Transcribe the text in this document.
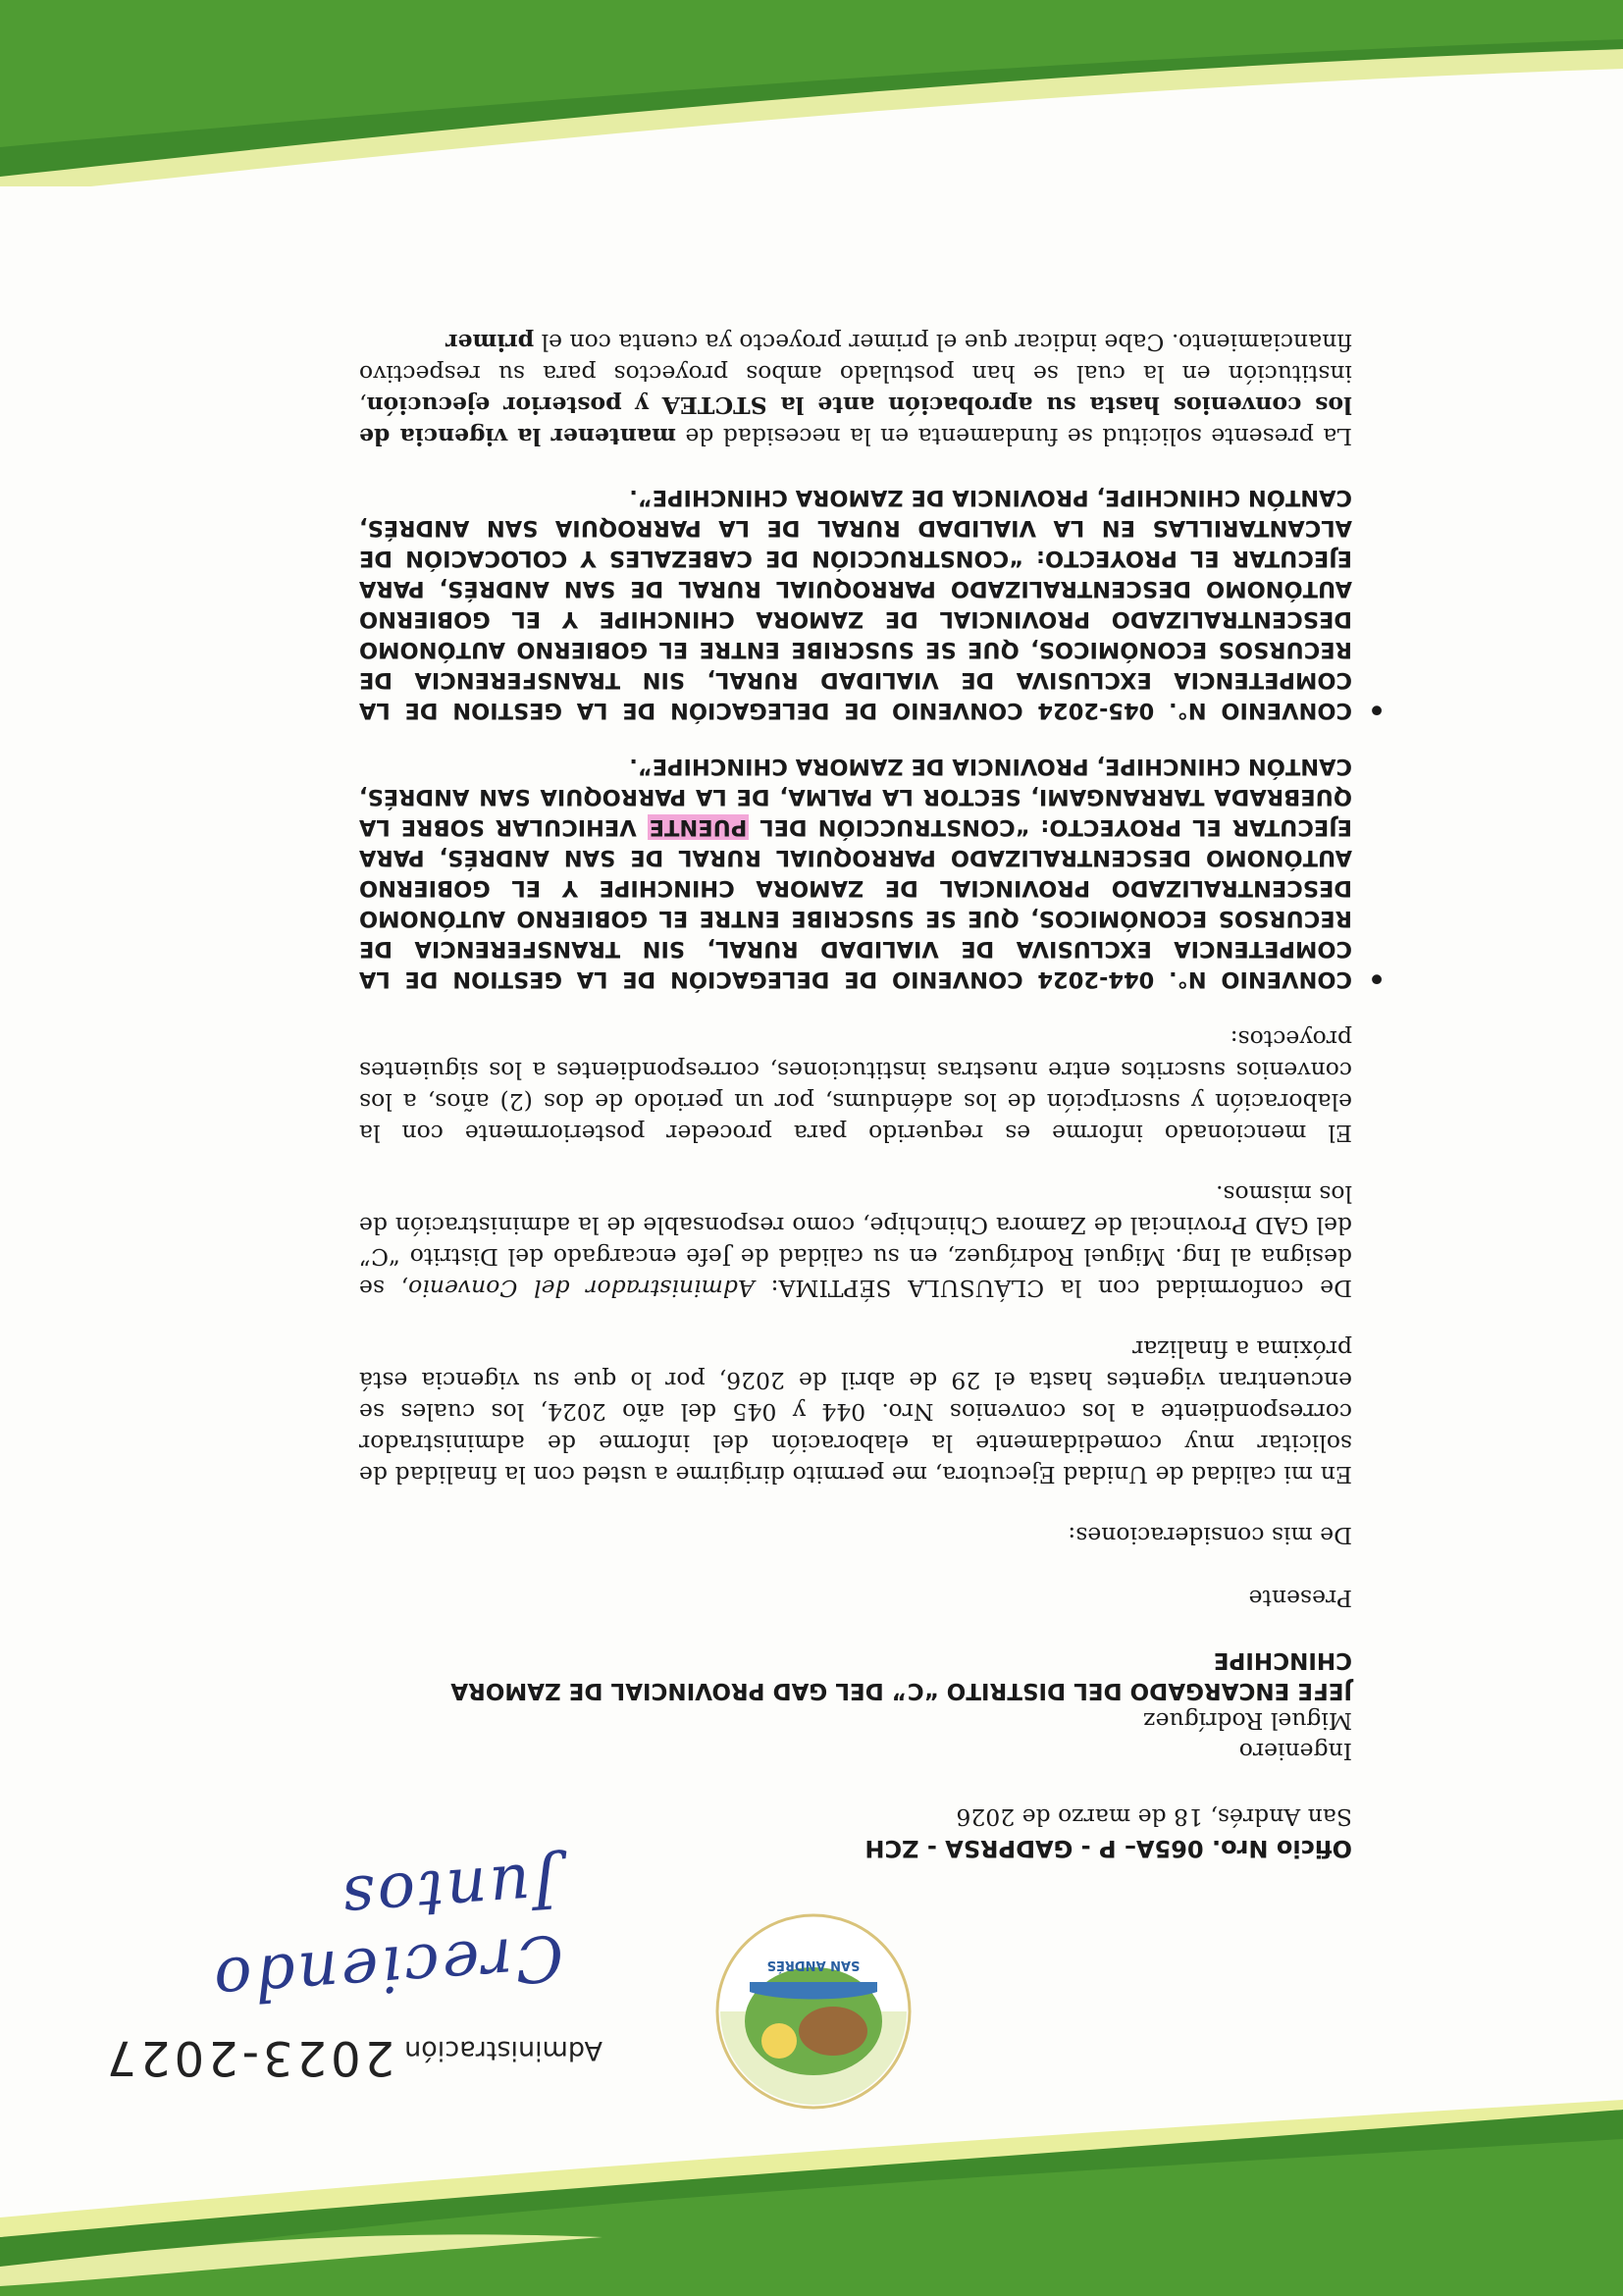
SAN ANDRÉS
Administración2023-2027
Creciendo Juntos	Oficio Nro. 065A– P - GADPRSA - ZCH
San Andrés, 18 de marzo de 2026
Ingeniero
Miguel Rodríguez
JEFE ENCARGADO DEL DISTRITO “C” DEL GAD PROVINCIAL DE ZAMORA CHINCHIPE
Presente

De mis consideraciones:

En mi calidad de Unidad Ejecutora, me permito dirigirme a usted con la finalidad de solicitar muy comedidamente la elaboración del informe de administrador correspondiente a los convenios Nro. 044 y 045 del año 2024, los cuales se encuentran vigentes hasta el 29 de abril de 2026, por lo que su vigencia está próxima a finalizar

De conformidad con la CLÁUSULA SÉPTIMA: Administrador del Convenio, se designa al Ing. Miguel Rodríguez, en su calidad de Jefe encargado del Distrito “C” del GAD Provincial de Zamora Chinchipe, como responsable de la administración de los mismos.

El mencionado informe es requerido para proceder posteriormente con la elaboración y suscripción de los adéndums, por un periodo de dos (2) años, a los convenios suscritos entre nuestras instituciones, correspondientes a los siguientes proyectos:

• CONVENIO N°. 044-2024 CONVENIO DE DELEGACIÓN DE LA GESTION DE LA COMPETENCIA EXCLUSIVA DE VIALIDAD RURAL, SIN TRANSFERENCIA DE RECURSOS ECONÓMICOS, QUE SE SUSCRIBE ENTRE EL GOBIERNO AUTÓNOMO DESCENTRALIZADO PROVINCIAL DE ZAMORA CHINCHIPE Y EL GOBIERNO AUTÓNOMO DESCENTRALIZADO PARROQUIAL RURAL DE SAN ANDRÉS, PARA EJECUTAR EL PROYECTO: “CONSTRUCCIÓN DEL PUENTE VEHICULAR SOBRE LA QUEBRADA TARRANGAMI, SECTOR LA PALMA, DE LA PARROQUIA SAN ANDRÉS, CANTÓN CHINCHIPE, PROVINCIA DE ZAMORA CHINCHIPE”.
• CONVENIO N°. 045-2024 CONVENIO DE DELEGACIÓN DE LA GESTION DE LA COMPETENCIA EXCLUSIVA DE VIALIDAD RURAL, SIN TRANSFERENCIA DE RECURSOS ECONÓMICOS, QUE SE SUSCRIBE ENTRE EL GOBIERNO AUTÓNOMO DESCENTRALIZADO PROVINCIAL DE ZAMORA CHINCHIPE Y EL GOBIERNO AUTÓNOMO DESCENTRALIZADO PARROQUIAL RURAL DE SAN ANDRÉS, PARA EJECUTAR EL PROYECTO: “CONSTRUCCIÓN DE CABEZALES Y COLOCACIÓN DE ALCANTARILLAS EN LA VIALIDAD RURAL DE LA PARROQUIA SAN ANDRÉS, CANTÓN CHINCHIPE, PROVINCIA DE ZAMORA CHINCHIPE”.

La presente solicitud se fundamenta en la necesidad de mantener la vigencia de los convenios hasta su aprobación ante la STCTEA y posterior ejecución, institución en la cual se han postulado ambos proyectos para su respectivo financiamiento. Cabe indicar que el primer proyecto ya cuenta con el primer
